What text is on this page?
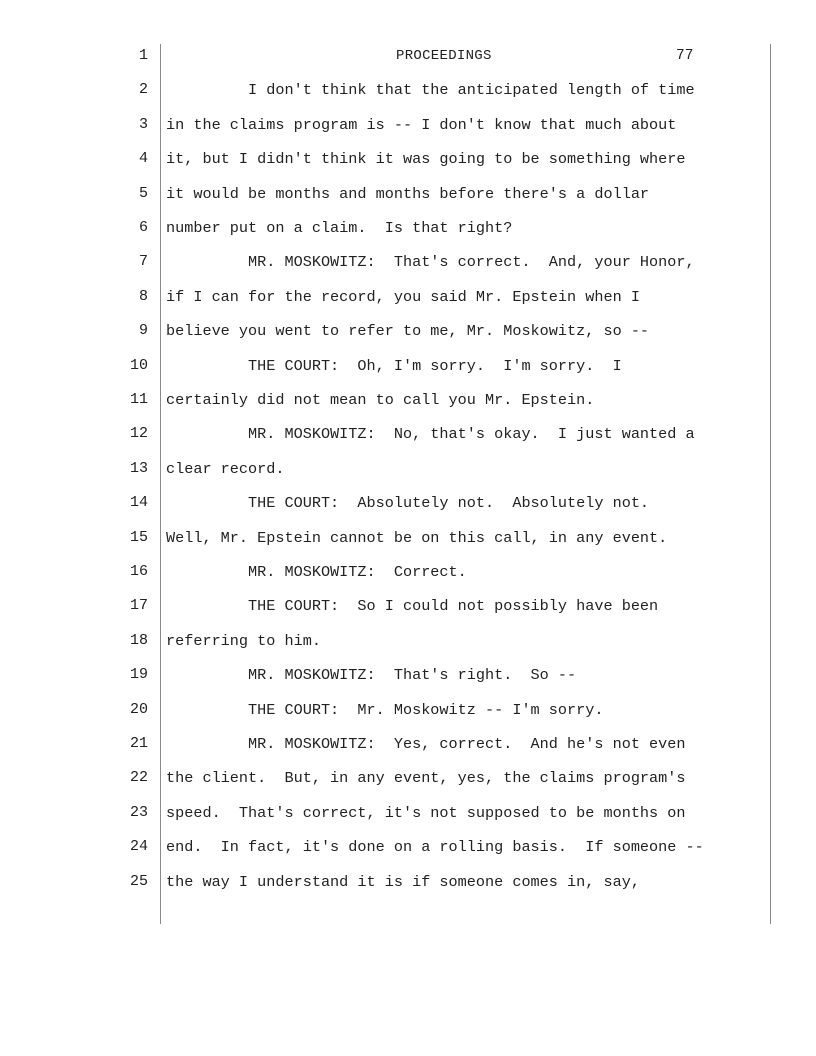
PROCEEDINGS	77
1
2 I don't think that the anticipated length of time
3 in the claims program is -- I don't know that much about
4 it, but I didn't think it was going to be something where
5 it would be months and months before there's a dollar
6 number put on a claim.  Is that right?
7 MR. MOSKOWITZ:  That's correct.  And, your Honor,
8 if I can for the record, you said Mr. Epstein when I
9 believe you went to refer to me, Mr. Moskowitz, so --
10 THE COURT:  Oh, I'm sorry.  I'm sorry.  I
11 certainly did not mean to call you Mr. Epstein.
12 MR. MOSKOWITZ:  No, that's okay.  I just wanted a
13 clear record.
14 THE COURT:  Absolutely not.  Absolutely not.
15 Well, Mr. Epstein cannot be on this call, in any event.
16 MR. MOSKOWITZ:  Correct.
17 THE COURT:  So I could not possibly have been
18 referring to him.
19 MR. MOSKOWITZ:  That's right.  So --
20 THE COURT:  Mr. Moskowitz -- I'm sorry.
21 MR. MOSKOWITZ:  Yes, correct.  And he's not even
22 the client.  But, in any event, yes, the claims program's
23 speed.  That's correct, it's not supposed to be months on
24 end.  In fact, it's done on a rolling basis.  If someone --
25 the way I understand it is if someone comes in, say,
